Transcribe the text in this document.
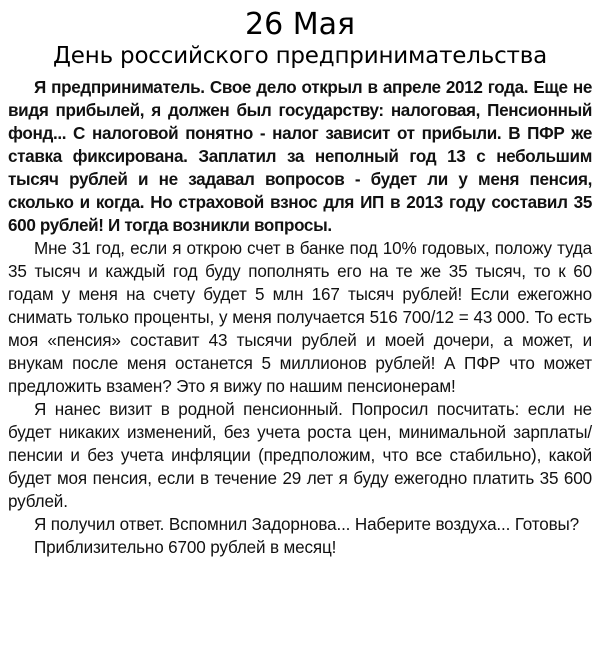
26 Мая
День российского предпринимательства

Я предприниматель. Свое дело открыл в апреле 2012 года. Еще не видя прибылей, я должен был государству: налоговая, Пенсионный фонд... С налоговой понятно - налог зависит от прибыли. В ПФР же ставка фиксирована. Заплатил за неполный год 13 с небольшим тысяч рублей и не задавал вопросов - будет ли у меня пенсия, сколько и когда. Но страховой взнос для ИП в 2013 году составил 35 600 рублей! И тогда возникли вопросы.

Мне 31 год, если я открою счет в банке под 10% годовых, положу туда 35 тысяч и каждый год буду пополнять его на те же 35 тысяч, то к 60 годам у меня на счету будет 5 млн 167 тысяч рублей! Если ежегожно снимать только проценты, у меня получается 516 700/12 = 43 000. То есть моя «пенсия» составит 43 тысячи рублей и моей дочери, а может, и внукам после меня останется 5 миллионов рублей! А ПФР что может предложить взамен? Это я вижу по нашим пенсионерам!

Я нанес визит в родной пенсионный. Попросил посчитать: если не будет никаких изменений, без учета роста цен, минимальной зарплаты/пенсии и без учета инфляции (предположим, что все стабильно), какой будет моя пенсия, если в течение 29 лет я буду ежегодно платить 35 600 рублей.

Я получил ответ. Вспомнил Задорнова... Наберите воздуха... Готовы?

Приблизительно 6700 рублей в месяц!
